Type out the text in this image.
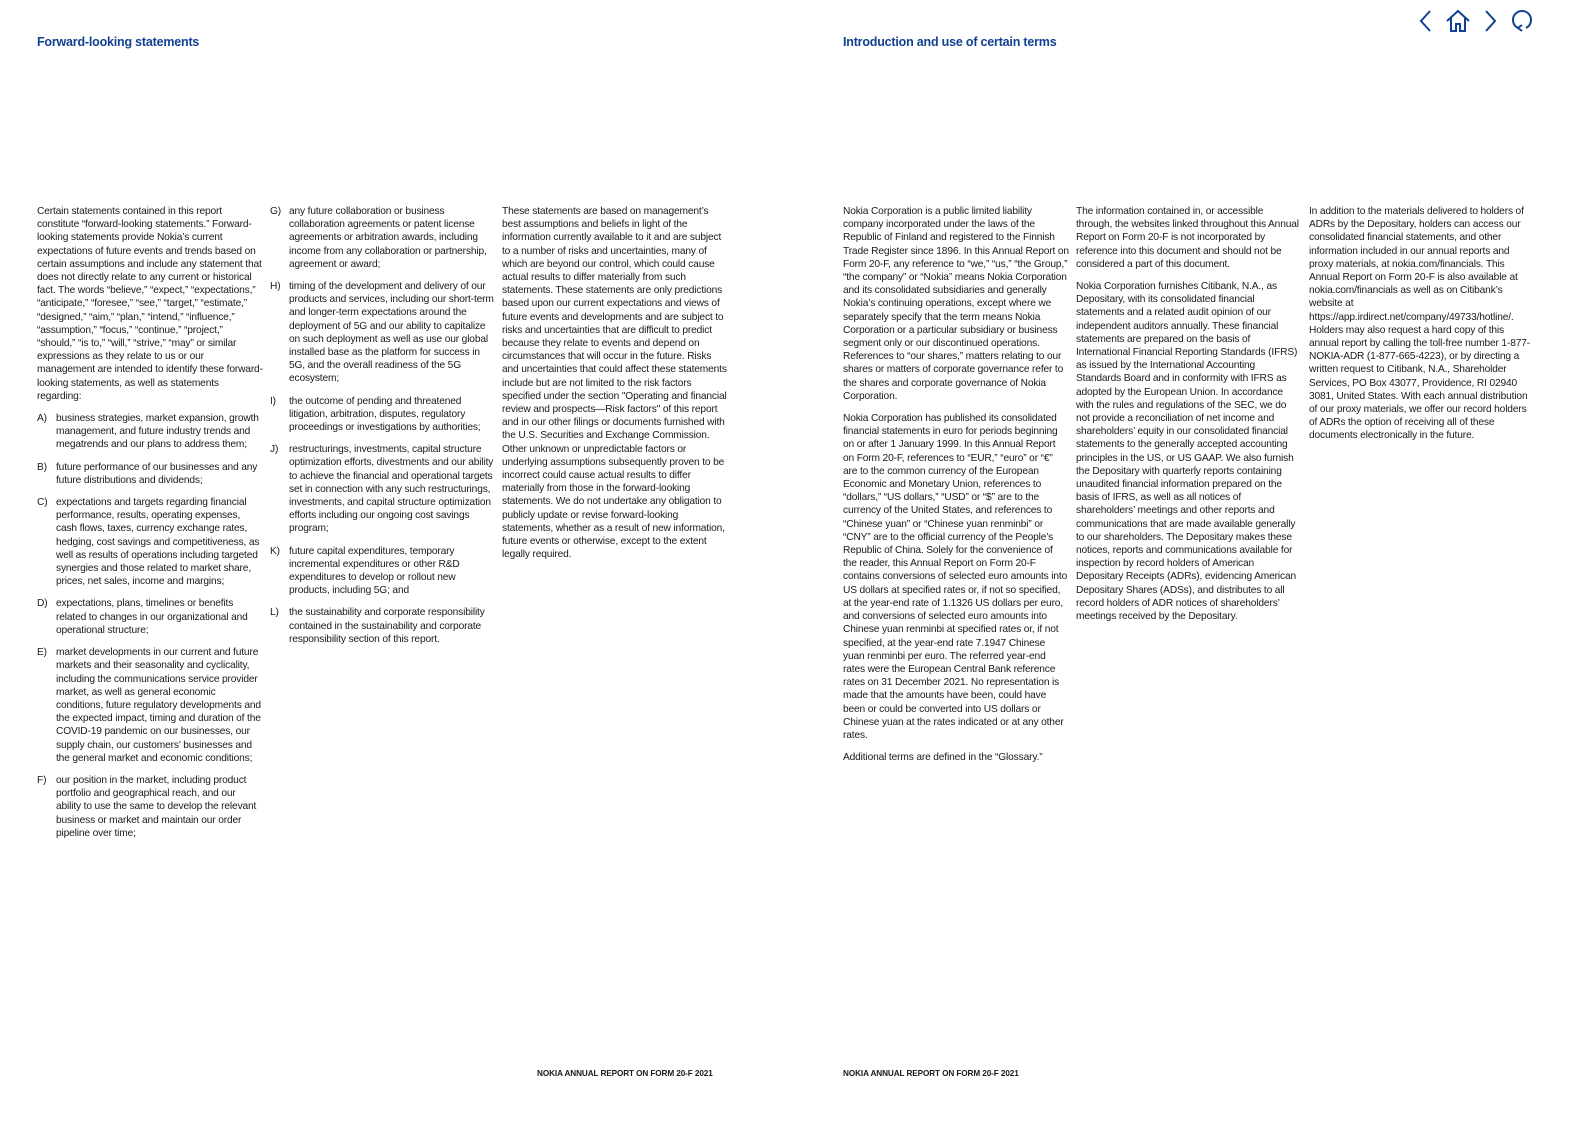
Forward-looking statements

Certain statements contained in this report constitute “forward-looking statements.” Forward-looking statements provide Nokia’s current expectations of future events and trends based on certain assumptions and include any statement that does not directly relate to any current or historical fact. The words “believe,” “expect,” “expectations,” “anticipate,” “foresee,” “see,” “target,” “estimate,” “designed,” “aim,” “plan,” “intend,” “influence,” “assumption,” “focus,” “continue,” “project,” “should,” “is to,” “will,” “strive,” “may” or similar expressions as they relate to us or our management are intended to identify these forward-looking statements, as well as statements regarding:

A) business strategies, market expansion, growth management, and future industry trends and megatrends and our plans to address them;
B) future performance of our businesses and any future distributions and dividends;
C) expectations and targets regarding financial performance, results, operating expenses, cash flows, taxes, currency exchange rates, hedging, cost savings and competitiveness, as well as results of operations including targeted synergies and those related to market share, prices, net sales, income and margins;
D) expectations, plans, timelines or benefits related to changes in our organizational and operational structure;
E) market developments in our current and future markets and their seasonality and cyclicality, including the communications service provider market, as well as general economic conditions, future regulatory developments and the expected impact, timing and duration of the COVID-19 pandemic on our businesses, our supply chain, our customers’ businesses and the general market and economic conditions;
F) our position in the market, including product portfolio and geographical reach, and our ability to use the same to develop the relevant business or market and maintain our order pipeline over time;
G) any future collaboration or business collaboration agreements or patent license agreements or arbitration awards, including income from any collaboration or partnership, agreement or award;
H) timing of the development and delivery of our products and services, including our short-term and longer-term expectations around the deployment of 5G and our ability to capitalize on such deployment as well as use our global installed base as the platform for success in 5G, and the overall readiness of the 5G ecosystem;
I)	the outcome of pending and threatened litigation, arbitration, disputes, regulatory proceedings or investigations by authorities;
J)	restructurings, investments, capital structure optimization efforts, divestments and our ability to achieve the financial and operational targets set in connection with any such restructurings, investments, and capital structure optimization efforts including our ongoing cost savings program;
K) future capital expenditures, temporary incremental expenditures or other R&D expenditures to develop or rollout new products, including 5G; and
L)	the sustainability and corporate responsibility contained in the sustainability and corporate responsibility section of this report.

These statements are based on management’s best assumptions and beliefs in light of the information currently available to it and are subject to a number of risks and uncertainties, many of which are beyond our control, which could cause actual results to differ materially from such statements. These statements are only predictions based upon our current expectations and views of future events and developments and are subject to risks and uncertainties that are difficult to predict because they relate to events and depend on circumstances that will occur in the future. Risks and uncertainties that could affect these statements include but are not limited to the risk factors specified under the section "Operating and financial review and prospects—Risk factors" of this report and in our other filings or documents furnished with the U.S. Securities and Exchange Commission. Other unknown or unpredictable factors or underlying assumptions subsequently proven to be incorrect could cause actual results to differ materially from those in the forward-looking statements. We do not undertake any obligation to publicly update or revise forward-looking statements, whether as a result of new information, future events or otherwise, except to the extent legally required.

NOKIA ANNUAL REPORT ON FORM 20-F 2021
Introduction and use of certain terms

Nokia Corporation is a public limited liability company incorporated under the laws of the Republic of Finland and registered to the Finnish Trade Register since 1896. In this Annual Report on Form 20-F, any reference to “we,” “us,” “the Group,” “the company” or “Nokia” means Nokia Corporation and its consolidated subsidiaries and generally Nokia’s continuing operations, except where we separately specify that the term means Nokia Corporation or a particular subsidiary or business segment only or our discontinued operations. References to “our shares,” matters relating to our shares or matters of corporate governance refer to the shares and corporate governance of Nokia Corporation.

Nokia Corporation has published its consolidated financial statements in euro for periods beginning on or after 1 January 1999. In this Annual Report on Form 20-F, references to “EUR,” “euro” or “€” are to the common currency of the European Economic and Monetary Union, references to “dollars,” “US dollars,” “USD” or “$” are to the currency of the United States, and references to “Chinese yuan” or “Chinese yuan renminbi” or “CNY” are to the official currency of the People’s Republic of China. Solely for the convenience of the reader, this Annual Report on Form 20-F contains conversions of selected euro amounts into US dollars at specified rates or, if not so specified, at the year-end rate of 1.1326 US dollars per euro, and conversions of selected euro amounts into Chinese yuan renminbi at specified rates or, if not specified, at the year-end rate 7.1947 Chinese yuan renminbi per euro. The referred year-end rates were the European Central Bank reference rates on 31 December 2021. No representation is made that the amounts have been, could have been or could be converted into US dollars or Chinese yuan at the rates indicated or at any other rates.

Additional terms are defined in the “Glossary.”

The information contained in, or accessible through, the websites linked throughout this Annual Report on Form 20-F is not incorporated by reference into this document and should not be considered a part of this document.

Nokia Corporation furnishes Citibank, N.A., as Depositary, with its consolidated financial statements and a related audit opinion of our independent auditors annually. These financial statements are prepared on the basis of International Financial Reporting Standards (IFRS) as issued by the International Accounting Standards Board and in conformity with IFRS as adopted by the European Union. In accordance with the rules and regulations of the SEC, we do not provide a reconciliation of net income and shareholders’ equity in our consolidated financial statements to the generally accepted accounting principles in the US, or US GAAP. We also furnish the Depositary with quarterly reports containing unaudited financial information prepared on the basis of IFRS, as well as all notices of shareholders’ meetings and other reports and communications that are made available generally to our shareholders. The Depositary makes these notices, reports and communications available for inspection by record holders of American Depositary Receipts (ADRs), evidencing American Depositary Shares (ADSs), and distributes to all record holders of ADR notices of shareholders’ meetings received by the Depositary.

In addition to the materials delivered to holders of ADRs by the Depositary, holders can access our consolidated financial statements, and other information included in our annual reports and proxy materials, at nokia.com/financials. This Annual Report on Form 20-F is also available at nokia.com/financials as well as on Citibank’s website at https://app.irdirect.net/company/49733/hotline/. Holders may also request a hard copy of this annual report by calling the toll-free number 1-877-NOKIA-ADR (1-877-665-4223), or by directing a written request to Citibank, N.A., Shareholder Services, PO Box 43077, Providence, RI 02940 3081, United States. With each annual distribution of our proxy materials, we offer our record holders of ADRs the option of receiving all of these documents electronically in the future.

NOKIA ANNUAL REPORT ON FORM 20-F 2021
